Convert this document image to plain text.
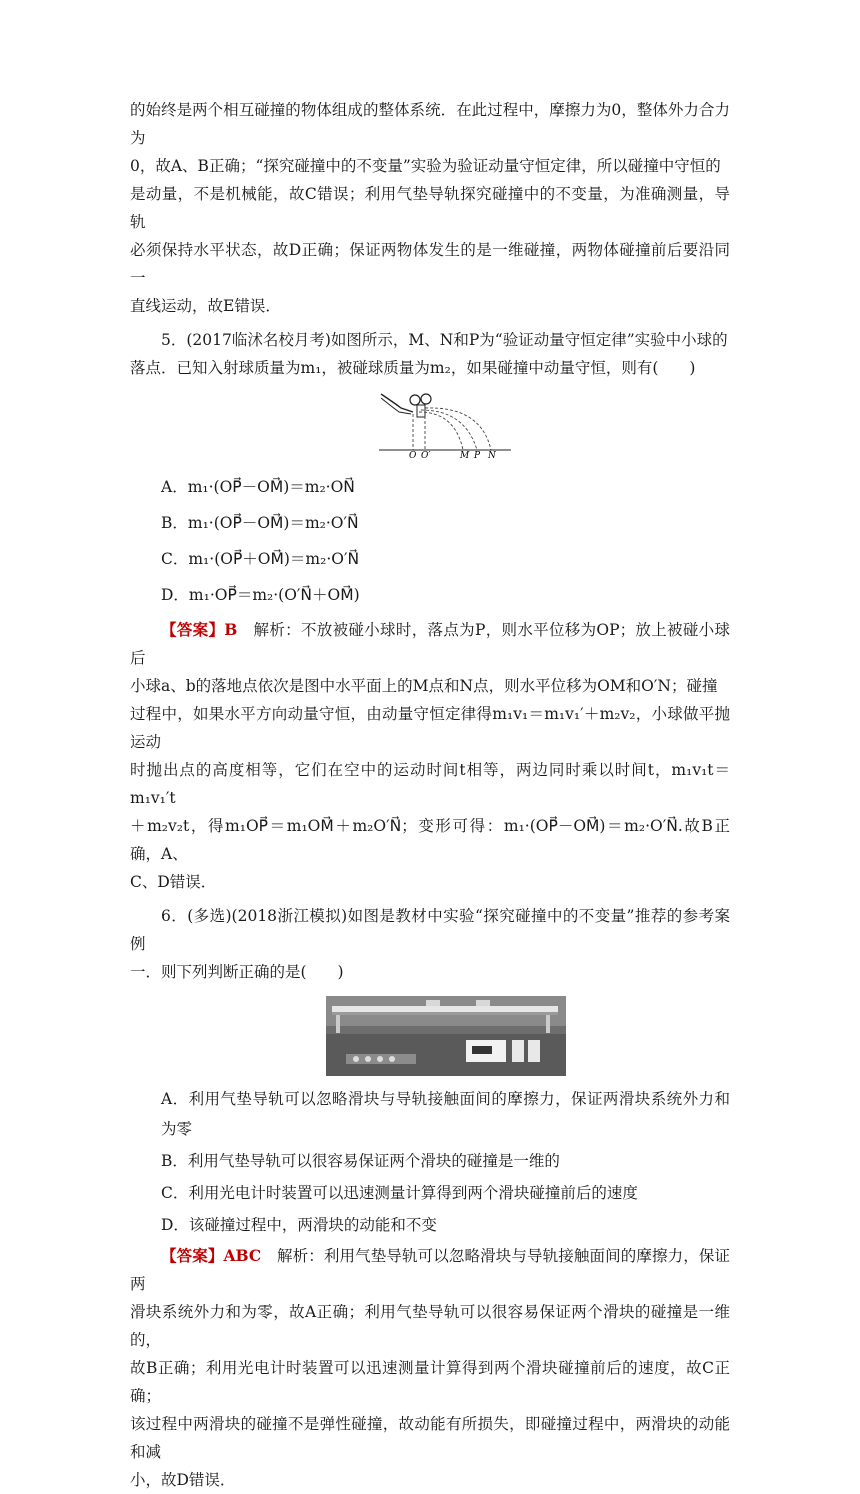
的始终是两个相互碰撞的物体组成的整体系统．在此过程中，摩擦力为0，整体外力合力为

0，故A、B正确；“探究碰撞中的不变量”实验为验证动量守恒定律，所以碰撞中守恒的

是动量，不是机械能，故C错误；利用气垫导轨探究碰撞中的不变量，为准确测量，导轨

必须保持水平状态，故D正确；保证两物体发生的是一维碰撞，两物体碰撞前后要沿同一

直线运动，故E错误．

5．(2017临沭名校月考)如图所示，M、N和P为“验证动量守恒定律”实验中小球的

落点．已知入射球质量为m₁，被碰球质量为m₂，如果碰撞中动量守恒，则有(　　)

O O′	M P N

A．m₁·(OP⃗－OM⃗)＝m₂·ON⃗

B．m₁·(OP⃗－OM⃗)＝m₂·O′N⃗

C．m₁·(OP⃗＋OM⃗)＝m₂·O′N⃗

D．m₁·OP⃗＝m₂·(O′N⃗＋OM⃗)

【答案】B　 解析：不放被碰小球时，落点为P，则水平位移为OP；放上被碰小球后

小球a、b的落地点依次是图中水平面上的M点和N点，则水平位移为OM和O′N；碰撞

过程中，如果水平方向动量守恒，由动量守恒定律得m₁v₁＝m₁v₁′＋m₂v₂，小球做平抛运动

时抛出点的高度相等，它们在空中的运动时间t相等，两边同时乘以时间t，m₁v₁t＝m₁v₁′t

＋m₂v₂t，得m₁OP⃗＝m₁OM⃗＋m₂O′N⃗；变形可得：m₁·(OP⃗－OM⃗)＝m₂·O′N⃗.故B正确，A、

C、D错误．

6．(多选)(2018浙江模拟)如图是教材中实验“探究碰撞中的不变量”推荐的参考案例

一．则下列判断正确的是(　　)

A．利用气垫导轨可以忽略滑块与导轨接触面间的摩擦力，保证两滑块系统外力和为零

B．利用气垫导轨可以很容易保证两个滑块的碰撞是一维的

C．利用光电计时装置可以迅速测量计算得到两个滑块碰撞前后的速度

D．该碰撞过程中，两滑块的动能和不变

【答案】ABC　 解析：利用气垫导轨可以忽略滑块与导轨接触面间的摩擦力，保证两

滑块系统外力和为零，故A正确；利用气垫导轨可以很容易保证两个滑块的碰撞是一维的，

故B正确；利用光电计时装置可以迅速测量计算得到两个滑块碰撞前后的速度，故C正确；

该过程中两滑块的碰撞不是弹性碰撞，故动能有所损失，即碰撞过程中，两滑块的动能和减

小，故D错误．
